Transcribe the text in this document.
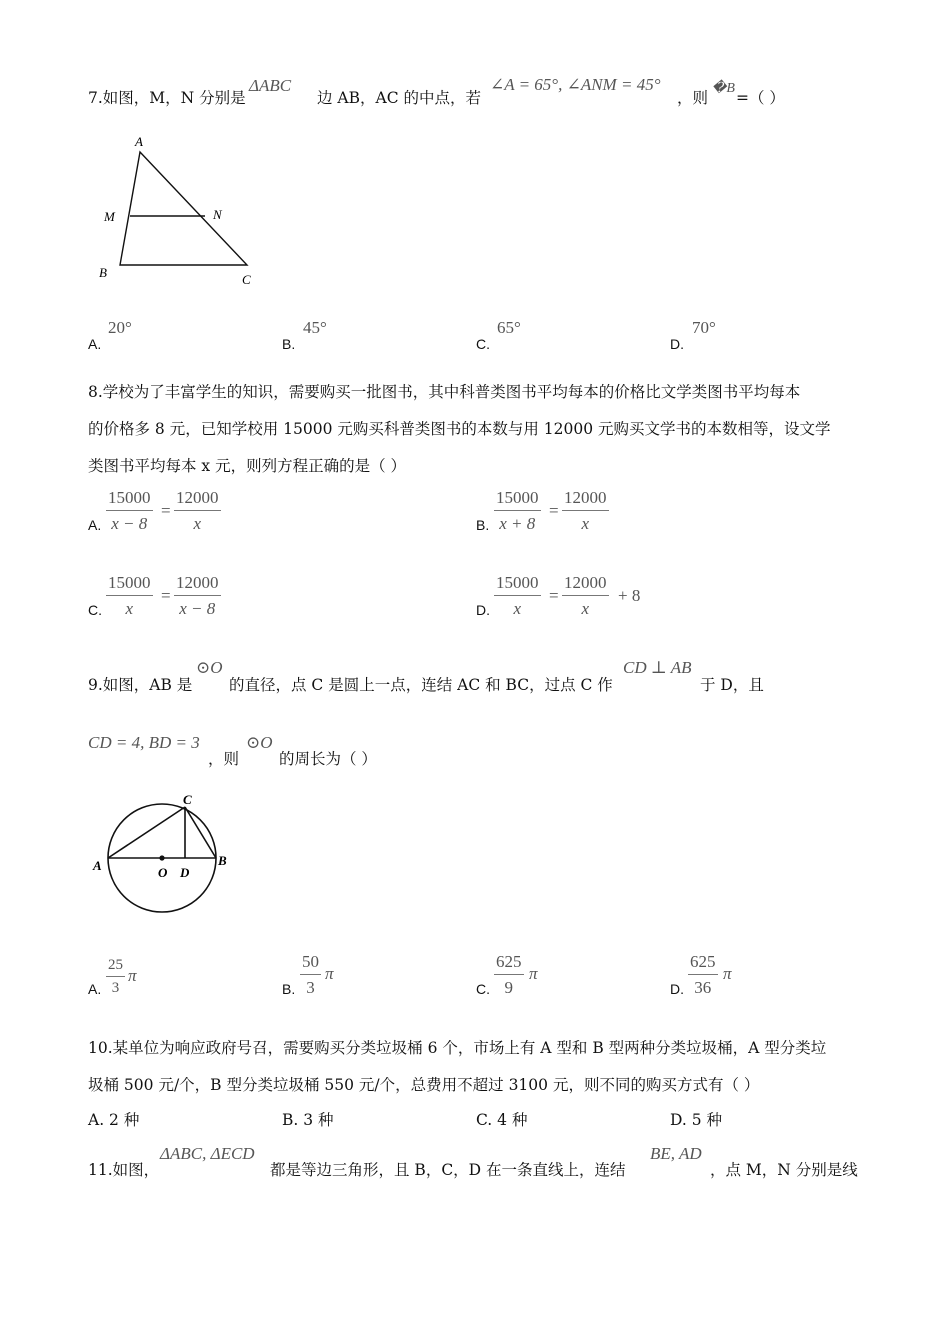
7.如图，M，N 分别是
ΔABC
边 AB，AC 的中点，若
∠A = 65°, ∠ANM = 45°
，则
�B
=（ ）
A
M	N
B	C
A.
20°
B.
45°
C.
65°
D.
70°
8.学校为了丰富学生的知识，需要购买一批图书，其中科普类图书平均每本的价格比文学类图书平均每本
的价格多 8 元，已知学校用 15000 元购买科普类图书的本数与用 12000 元购买文学书的本数相等，设文学
类图书平均每本 x 元，则列方程正确的是（ ）
A. $\frac{15000}{x - 8} = \frac{12000}{x}$	B. $\frac{15000}{x + 8} = \frac{12000}{x}$
C. $\frac{15000}{x} = \frac{12000}{x - 8}$	D. $\frac{15000}{x} = \frac{12000}{x} + 8$
9.如图，AB 是
⊙O
的直径，点 C 是圆上一点，连结 AC 和 BC，过点 C 作
CD ⊥ AB
于 D，且
CD = 4, BD = 3
，则
⊙O
的周长为（ ）
A	B
C
O D
A. $\frac{25}{3}$ π
B. $\frac{50}{3}$ π
C. $\frac{625}{9}$ π
D. $\frac{625}{36}$ π
10.某单位为响应政府号召，需要购买分类垃圾桶 6 个，市场上有 A 型和 B 型两种分类垃圾桶，A 型分类垃
圾桶 500 元/个，B 型分类垃圾桶 550 元/个，总费用不超过 3100 元，则不同的购买方式有（ ）
A. 2 种	B. 3 种	C. 4 种	D. 5 种
11.如图，
ΔABC, ΔECD
都是等边三角形，且 B，C，D 在一条直线上，连结
BE, AD
，点 M，N 分别是线
